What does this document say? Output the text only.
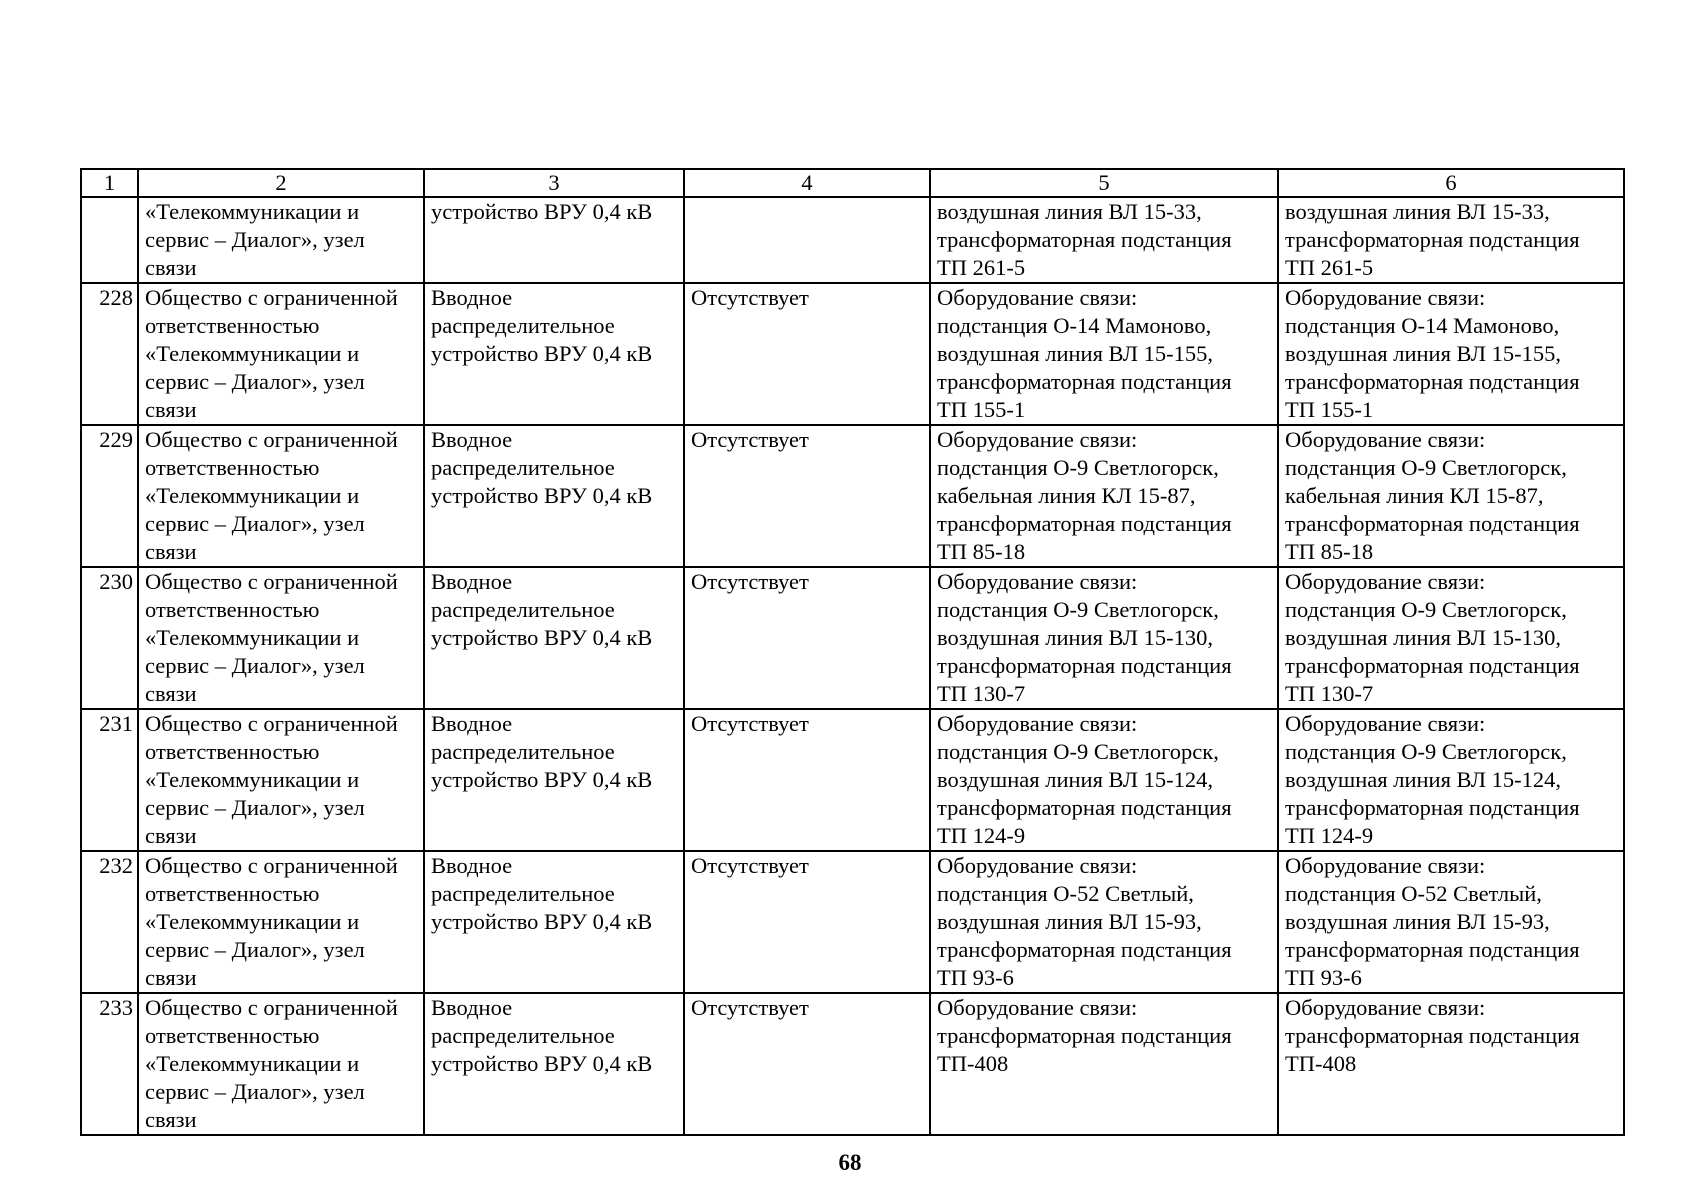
1	2	3	4	5	6
	«Телекоммуникации и
сервис – Диалог», узел
связи	устройство ВРУ 0,4 кВ		воздушная линия ВЛ 15-33,
трансформаторная подстанция
ТП 261-5	воздушная линия ВЛ 15-33,
трансформаторная подстанция
ТП 261-5
228	Общество с ограниченной
ответственностью
«Телекоммуникации и
сервис – Диалог», узел
связи	Вводное
распределительное
устройство ВРУ 0,4 кВ	Отсутствует	Оборудование связи:
подстанция О-14 Мамоново,
воздушная линия ВЛ 15-155,
трансформаторная подстанция
ТП 155-1	Оборудование связи:
подстанция О-14 Мамоново,
воздушная линия ВЛ 15-155,
трансформаторная подстанция
ТП 155-1
229	Общество с ограниченной
ответственностью
«Телекоммуникации и
сервис – Диалог», узел
связи	Вводное
распределительное
устройство ВРУ 0,4 кВ	Отсутствует	Оборудование связи:
подстанция О-9 Светлогорск,
кабельная линия КЛ 15-87,
трансформаторная подстанция
ТП 85-18	Оборудование связи:
подстанция О-9 Светлогорск,
кабельная линия КЛ 15-87,
трансформаторная подстанция
ТП 85-18
230	Общество с ограниченной
ответственностью
«Телекоммуникации и
сервис – Диалог», узел
связи	Вводное
распределительное
устройство ВРУ 0,4 кВ	Отсутствует	Оборудование связи:
подстанция О-9 Светлогорск,
воздушная линия ВЛ 15-130,
трансформаторная подстанция
ТП 130-7	Оборудование связи:
подстанция О-9 Светлогорск,
воздушная линия ВЛ 15-130,
трансформаторная подстанция
ТП 130-7
231	Общество с ограниченной
ответственностью
«Телекоммуникации и
сервис – Диалог», узел
связи	Вводное
распределительное
устройство ВРУ 0,4 кВ	Отсутствует	Оборудование связи:
подстанция О-9 Светлогорск,
воздушная линия ВЛ 15-124,
трансформаторная подстанция
ТП 124-9	Оборудование связи:
подстанция О-9 Светлогорск,
воздушная линия ВЛ 15-124,
трансформаторная подстанция
ТП 124-9
232	Общество с ограниченной
ответственностью
«Телекоммуникации и
сервис – Диалог», узел
связи	Вводное
распределительное
устройство ВРУ 0,4 кВ	Отсутствует	Оборудование связи:
подстанция О-52 Светлый,
воздушная линия ВЛ 15-93,
трансформаторная подстанция
ТП 93-6	Оборудование связи:
подстанция О-52 Светлый,
воздушная линия ВЛ 15-93,
трансформаторная подстанция
ТП 93-6
233	Общество с ограниченной
ответственностью
«Телекоммуникации и
сервис – Диалог», узел
связи	Вводное
распределительное
устройство ВРУ 0,4 кВ	Отсутствует	Оборудование связи:
трансформаторная подстанция
ТП-408	Оборудование связи:
трансформаторная подстанция
ТП-408
68
